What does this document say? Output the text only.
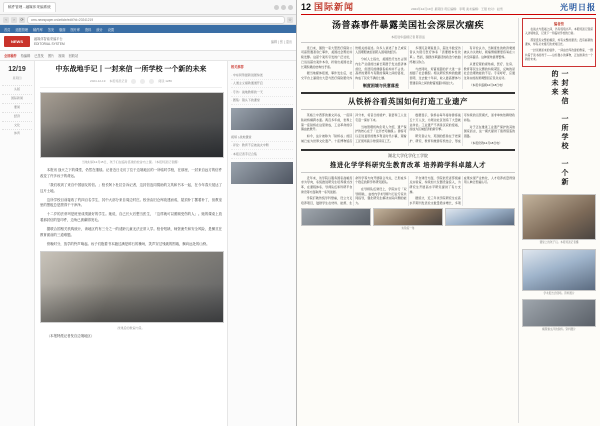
稿件管理 - 融媒体采编系统
‹	›	⟳	cms.newspaper.cn/article/edit?id=20241219	☆
首页 选题管理 稿件库 签发 版面 图片库 资料 统计 设置
NEWS	融媒体智能采编平台
EDITORIAL SYSTEM	编辑 | 张 | 退出
全部稿件 待编辑 已签发 图片 视频 回收站
12/19
星期四
头版
国际新闻
要闻
经济
文化
体育
中东战地手记丨一封来信 一所学校 一个新的未来
2024-12-19 本报特派记者	阅读 1286
当地时间12月15日，孩子们在临时搭建的校舍内上课。（本报特派记者摄）

本报讯 战火之下的课堂，仍然在继续。记者近日走访了位于边境地区的一所临时学校，在那里，一封来自远方的信件改变了许多孩子的命运。

「我们收到了来自中国朋友的信。」校长阿卜杜拉告诉记者，这封信连同捐助的文具和书本一起，在今年春天抵达了这片土地。

这所学校目前接收了约四百名学生，其中大部分来自周边村庄。校舍由旧仓库改建而成，屋顶补丁摞着补丁，但教室里的黑板总是擦得干干净净。

十二岁的法蒂玛是班里成绩最好的学生。她说，自己长大后想当医生，「这样就可以照顾受伤的人」。她的课桌上放着那封信的复印件，边角已被翻得发毛。

据联合国相关机构统计，该地区约有三分之一的适龄儿童无法正常入学。校舍短缺、师资流失和安全风险，是横亘在教育面前的三道难题。

傍晚时分，放学的铃声响起。孩子们抱着书本跑过满是碎石的操场，笑声穿过残破的围墙，飘向远处的山脊。

改建后的教室内景。

（本报特派记者发自边境地区）

相关推荐
· 中东局势最新进展综述
· 人道主义援助通道开启
· 专访：战地教师的一天
· 图集：镜头下的课堂
视频 | 战地课堂
· 评论：教育不应被战火中断
· 本报记者手记合集
12 国际新闻	2024年12月19日 星期四 责任编辑：李明 美术编辑：王强 校对：赵雪	光明日报
汤普森事件暴露美国社会深层次痼疾
本报驻华盛顿记者 陈思远

连日来，围绕一家大型医疗保险公司高管遇袭身亡事件，美国社会舆论持续发酵。这起个案所引发的广泛讨论，已远远超出案件本身，折射出美国社会长期积累的结构性矛盾。

据当地媒体报道，事件发生后，社交平台上涌现出大量与医疗保险赔付纠纷相关的叙述。许多人讲述了自己或家人因理赔被拒而陷入困境的经历。

分析人士指出，美国医疗支出占国内生产总值的比重长期居于发达经济体首位，但居民的健康指标却并不占优。高昂的费用与有限的保障之间的落差，构成了民众不满的土壤。

制度困境与民意落差

多项民意调查显示，超过半数受访者认为现行医疗体系「需要根本性改革」。然而，围绕改革路径的政治分歧始终难以弥合。

与此同时，贫富差距的扩大进一步加剧了社会撕裂。相关研究机构的数据表明，过去数十年间，收入最高群体与普通家庭之间的财富差距持续拉大。

有评论认为，当制度性的救济渠道被认为失效时，极端情绪便更容易在公共空间蔓延。这种现象值得警惕。

从更宏观的视角看，医疗、住房、教育等民生议题的持续紧张，反映的是社会治理效能的不足。专家呼吁，应通过务实的政策调整回应民众关切。

（本报华盛顿12月18日电）

从铁桥谷看英国如何打造工业遗产

英格兰中西部的塞文河谷，一座铸铁拱桥横跨水面。两百多年前，世界上第一座铁桥在这里建成，工业革命的序幕由此掀开。

如今，这片被称为「铁桥谷」的区域已成为世界文化遗产。十座博物馆沿河分布，将昔日的熔炉、瓷窑和工人住宅逐一保存下来。

当地管理机构负责人介绍，遗产保护的核心在于「让历史可触摸」。游客可以走进复原的维多利亚时代小镇，观看工匠现场演示传统铸造工艺。

数据显示，铁桥谷每年接待游客逾五十万人次，为周边社区创造了大量就业岗位。工业遗产不再是沉寂的废墟，而成为区域经济的新引擎。

研究者认为，英国的经验在于把保护、研究、教育和旅游有机结合，形成可持续的运营模式，而非单纯依赖财政补贴。

对于正在推进工业遗产保护的其他国家而言，这一模式提供了值得借鉴的思路。

（本报伦敦12月18日电）

湖北大学化学化工学院
推进化学学科研究生教育改革 培养跨学科卓越人才

近年来，该学院以服务国家战略需求为导向，系统推进研究生培养模式改革，在课程体系、导师队伍和科研平台建设等方面取得一系列进展。

学院打破传统学科壁垒，设立交叉培养项目，鼓励学生在材料、能源、生命科学等方向开展联合攻关，已形成多个稳定的跨学科研究团队。

在导师队伍建设上，学院实行「双导师制」，由校内学术导师与行业专家共同指导，强化研究生解决实际问题的能力。

平台建设方面，学院依托省部级重点实验室，持续加大仪器设备投入，为研究生开展高水平研究提供了有力支撑。

据统计，近三年该学院研究生在高水平期刊发表论文数量稳步增长，多项成果实现产业转化，人才培养质量得到用人单位普遍认可。

实验室一角
编者按

在战火与废墟之间，仍有琅琅书声。本报特派记者深入边境地区，记录下一所临时学校的日常。

那里没有完整的屋顶，却有完整的课表；没有崭新的课本，却有从未熄灭的求知目光。

一封远道而来的信件，一间由仓库改建的教室，一群执着于读书的孩子——这些微小的事物，正在拼凑出一个新的未来。

一封来信 一所学校 一个新的未来
课堂上的孩子们。本报特派记者摄
学术报告会现场。资料图片
横跨塞文河的铁桥。资料图片
